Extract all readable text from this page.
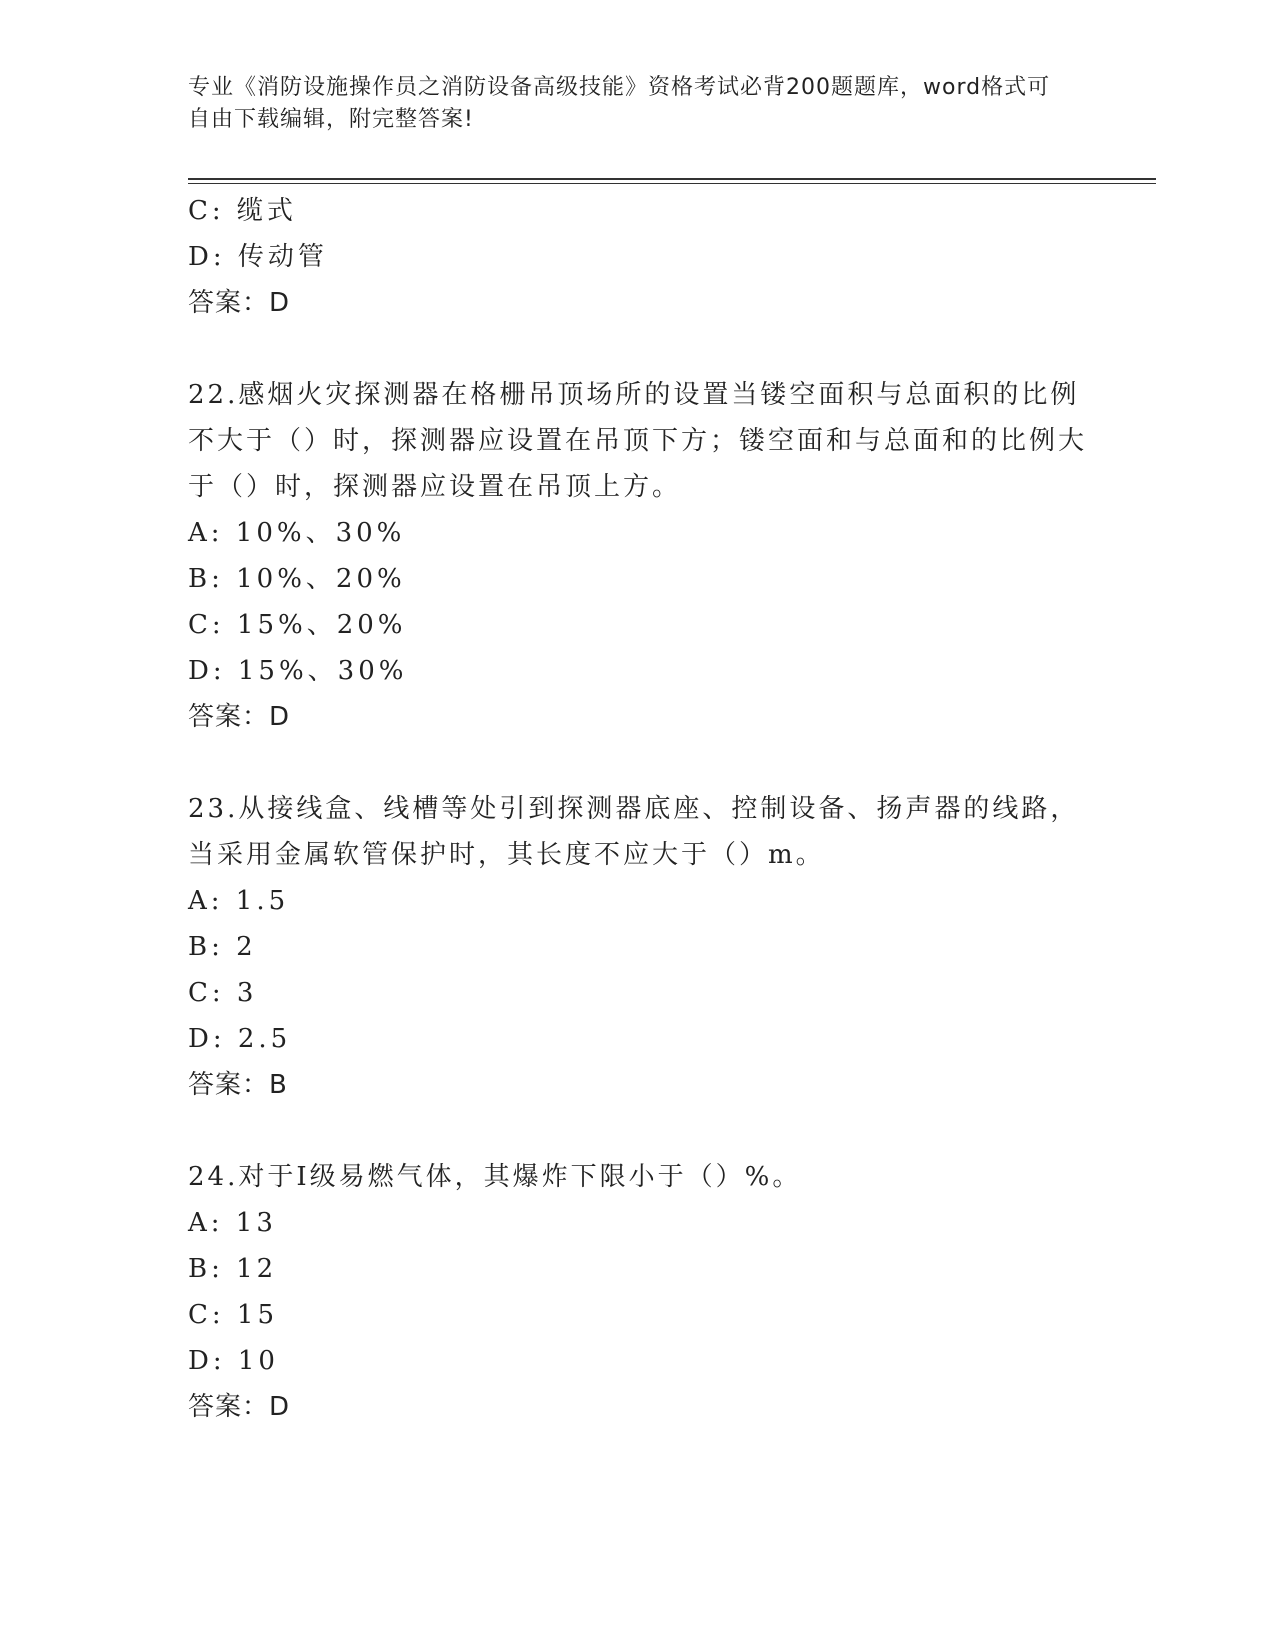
专业《消防设施操作员之消防设备高级技能》资格考试必背200题题库，word格式可自由下载编辑，附完整答案!
C: 缆式
D: 传动管
答案：D
22.感烟火灾探测器在格栅吊顶场所的设置当镂空面积与总面积的比例不大于（）时，探测器应设置在吊顶下方；镂空面和与总面和的比例大于（）时，探测器应设置在吊顶上方。
A: 10%、30%
B: 10%、20%
C: 15%、20%
D: 15%、30%
答案：D
23.从接线盒、线槽等处引到探测器底座、控制设备、扬声器的线路，当采用金属软管保护时，其长度不应大于（）m。
A: 1.5
B: 2
C: 3
D: 2.5
答案：B
24.对于Ⅰ级易燃气体，其爆炸下限小于（）%。
A: 13
B: 12
C: 15
D: 10
答案：D
